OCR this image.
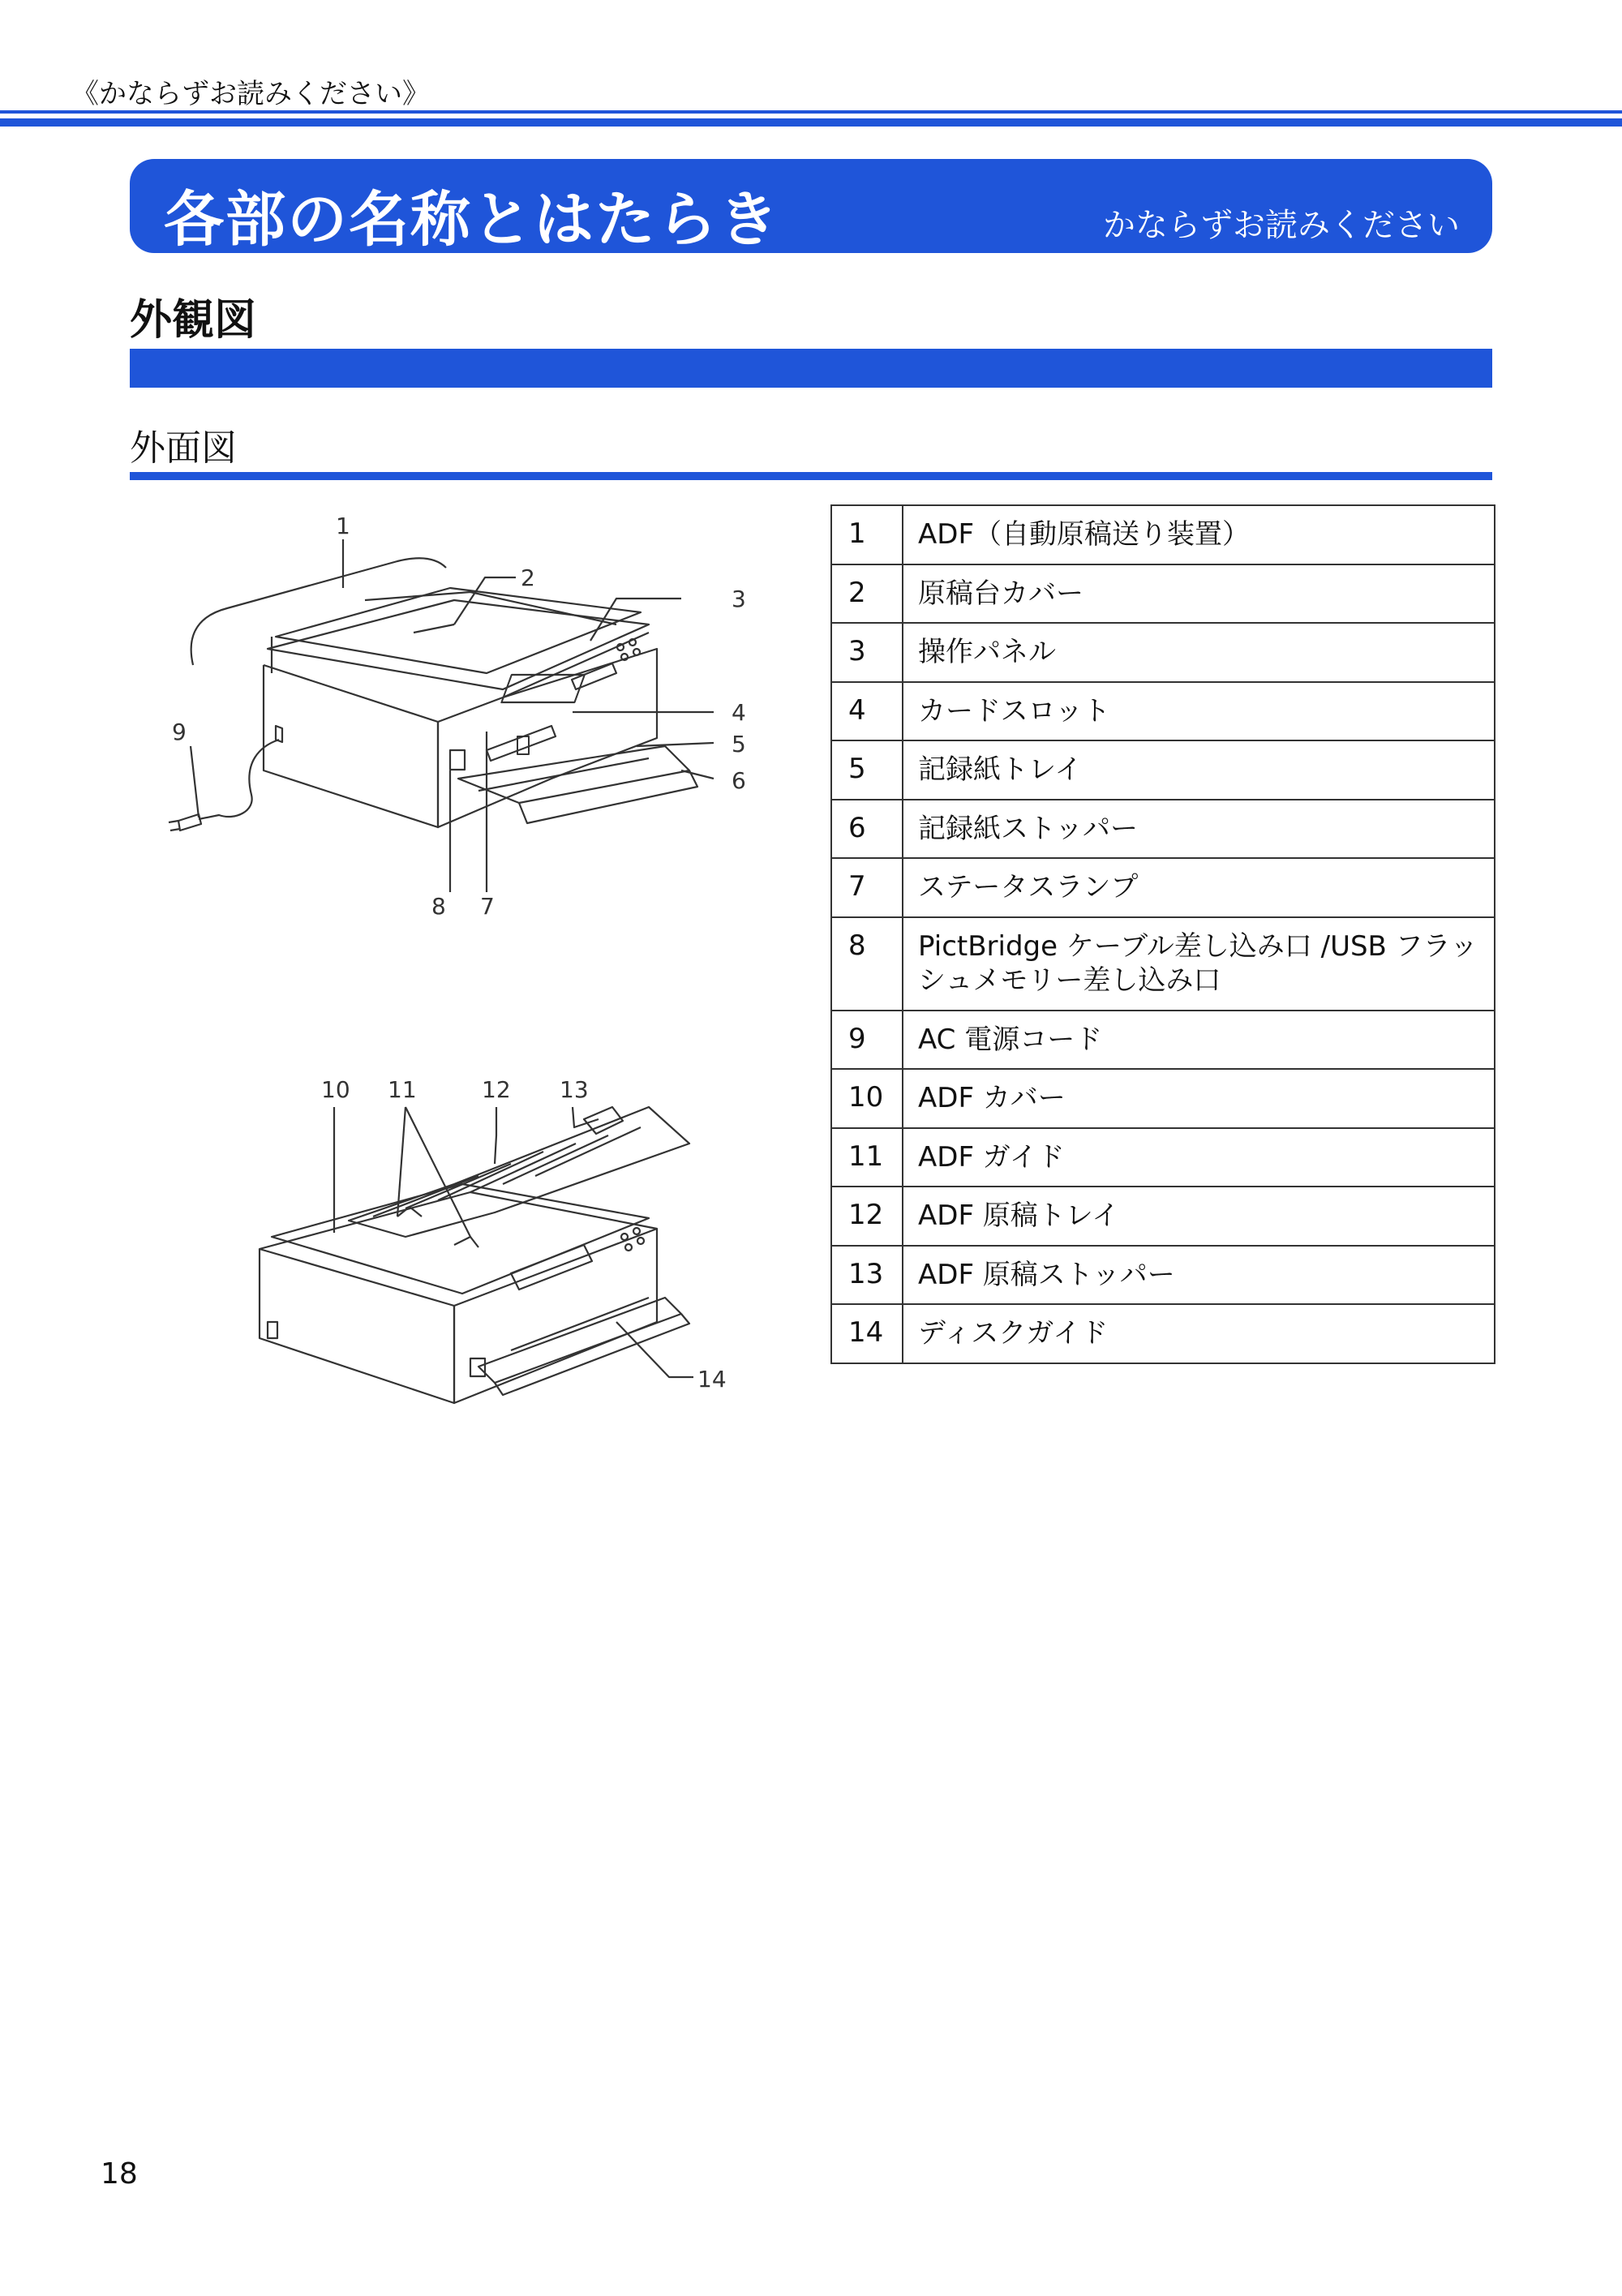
《かならずお読みください》
各部の名称とはたらき	かならずお読みください
外観図
外面図
1
2
3
4
5
6
7
8
9
10 11	12 13
14
1	ADF（自動原稿送り装置）
2	原稿台カバー
3	操作パネル
4	カードスロット
5	記録紙トレイ
6	記録紙ストッパー
7	ステータスランプ
8	PictBridge ケーブル差し込み口 /USB フラッシュメモリー差し込み口
9	AC 電源コード
10	ADF カバー
11	ADF ガイド
12	ADF 原稿トレイ
13	ADF 原稿ストッパー
14	ディスクガイド
18
